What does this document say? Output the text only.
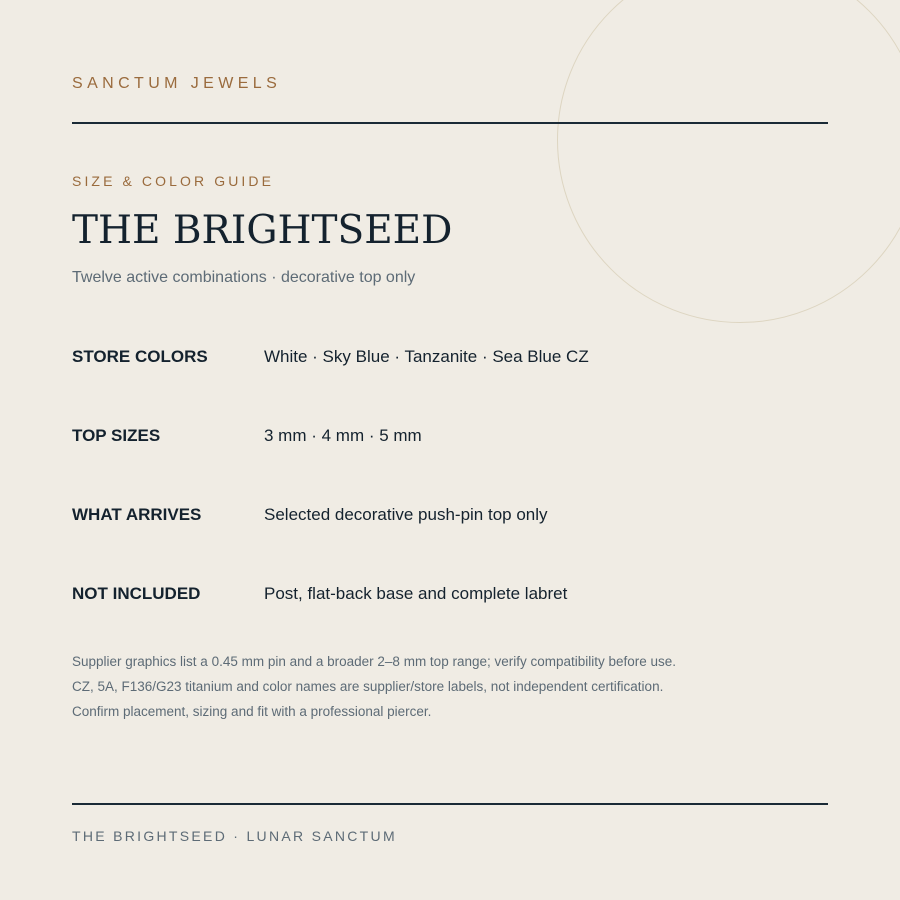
SANCTUM JEWELS
SIZE & COLOR GUIDE
THE BRIGHTSEED
Twelve active combinations · decorative top only
STORE COLORS	White · Sky Blue · Tanzanite · Sea Blue CZ
TOP SIZES	3 mm · 4 mm · 5 mm
WHAT ARRIVES	Selected decorative push-pin top only
NOT INCLUDED	Post, flat-back base and complete labret
Supplier graphics list a 0.45 mm pin and a broader 2–8 mm top range; verify compatibility before use.
CZ, 5A, F136/G23 titanium and color names are supplier/store labels, not independent certification.
Confirm placement, sizing and fit with a professional piercer.
THE BRIGHTSEED · LUNAR SANCTUM
